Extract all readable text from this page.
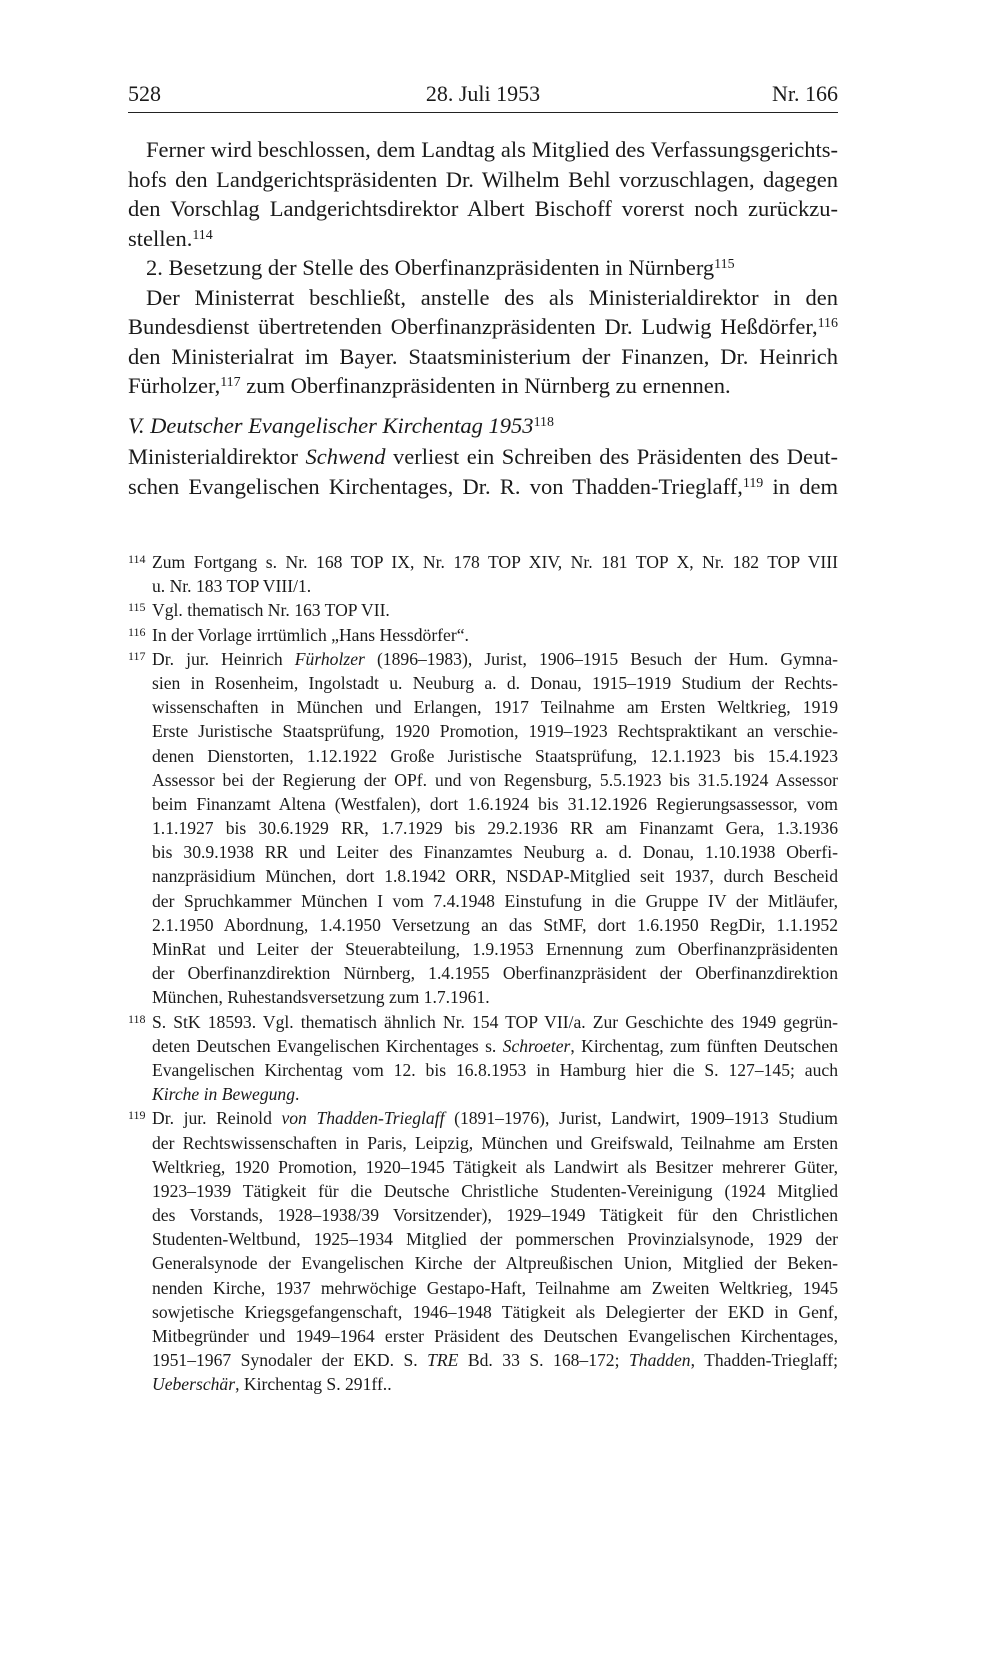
528	28. Juli 1953	Nr. 166
Ferner wird beschlossen, dem Landtag als Mitglied des Verfassungsgerichts-
hofs den Landgerichtspräsidenten Dr. Wilhelm Behl vorzuschlagen, dagegen
den Vorschlag Landgerichtsdirektor Albert Bischoff vorerst noch zurückzu-
stellen.$^{114}$
2. Besetzung der Stelle des Oberfinanzpräsidenten in Nürnberg$^{115}$
Der Ministerrat beschließt, anstelle des als Ministerialdirektor in den
Bundesdienst übertretenden Oberfinanzpräsidenten Dr. Ludwig Heßdörfer,$^{116}$
den Ministerialrat im Bayer. Staatsministerium der Finanzen, Dr. Heinrich
Fürholzer,$^{117}$ zum Oberfinanzpräsidenten in Nürnberg zu ernennen.
V. Deutscher Evangelischer Kirchentag 1953$^{118}$
Ministerialdirektor Schwend verliest ein Schreiben des Präsidenten des Deut-
schen Evangelischen Kirchentages, Dr. R. von Thadden-Trieglaff,$^{119}$ in dem
114 Zum Fortgang s. Nr. 168 TOP IX, Nr. 178 TOP XIV, Nr. 181 TOP X, Nr. 182 TOP VIII
u. Nr. 183 TOP VIII/1.
115 Vgl. thematisch Nr. 163 TOP VII.
116 In der Vorlage irrtümlich „Hans Hessdörfer“.
117 Dr. jur. Heinrich Fürholzer (1896–1983), Jurist, 1906–1915 Besuch der Hum. Gymna-
sien in Rosenheim, Ingolstadt u. Neuburg a. d. Donau, 1915–1919 Studium der Rechts-
wissenschaften in München und Erlangen, 1917 Teilnahme am Ersten Weltkrieg, 1919
Erste Juristische Staatsprüfung, 1920 Promotion, 1919–1923 Rechtspraktikant an verschie-
denen Dienstorten, 1.12.1922 Große Juristische Staatsprüfung, 12.1.1923 bis 15.4.1923
Assessor bei der Regierung der OPf. und von Regensburg, 5.5.1923 bis 31.5.1924 Assessor
beim Finanzamt Altena (Westfalen), dort 1.6.1924 bis 31.12.1926 Regierungsassessor, vom
1.1.1927 bis 30.6.1929 RR, 1.7.1929 bis 29.2.1936 RR am Finanzamt Gera, 1.3.1936
bis 30.9.1938 RR und Leiter des Finanzamtes Neuburg a. d. Donau, 1.10.1938 Oberfi-
nanzpräsidium München, dort 1.8.1942 ORR, NSDAP-Mitglied seit 1937, durch Bescheid
der Spruchkammer München I vom 7.4.1948 Einstufung in die Gruppe IV der Mitläufer,
2.1.1950 Abordnung, 1.4.1950 Versetzung an das StMF, dort 1.6.1950 RegDir, 1.1.1952
MinRat und Leiter der Steuerabteilung, 1.9.1953 Ernennung zum Oberfinanzpräsidenten
der Oberfinanzdirektion Nürnberg, 1.4.1955 Oberfinanzpräsident der Oberfinanzdirektion
München, Ruhestandsversetzung zum 1.7.1961.
118 S. StK 18593. Vgl. thematisch ähnlich Nr. 154 TOP VII/a. Zur Geschichte des 1949 gegrün-
deten Deutschen Evangelischen Kirchentages s. Schroeter, Kirchentag, zum fünften Deutschen
Evangelischen Kirchentag vom 12. bis 16.8.1953 in Hamburg hier die S. 127–145; auch
Kirche in Bewegung.
119 Dr. jur. Reinold von Thadden-Trieglaff (1891–1976), Jurist, Landwirt, 1909–1913 Studium
der Rechtswissenschaften in Paris, Leipzig, München und Greifswald, Teilnahme am Ersten
Weltkrieg, 1920 Promotion, 1920–1945 Tätigkeit als Landwirt als Besitzer mehrerer Güter,
1923–1939 Tätigkeit für die Deutsche Christliche Studenten-Vereinigung (1924 Mitglied
des Vorstands, 1928–1938/39 Vorsitzender), 1929–1949 Tätigkeit für den Christlichen
Studenten-Weltbund, 1925–1934 Mitglied der pommerschen Provinzialsynode, 1929 der
Generalsynode der Evangelischen Kirche der Altpreußischen Union, Mitglied der Beken-
nenden Kirche, 1937 mehrwöchige Gestapo-Haft, Teilnahme am Zweiten Weltkrieg, 1945
sowjetische Kriegsgefangenschaft, 1946–1948 Tätigkeit als Delegierter der EKD in Genf,
Mitbegründer und 1949–1964 erster Präsident des Deutschen Evangelischen Kirchentages,
1951–1967 Synodaler der EKD. S. TRE Bd. 33 S. 168–172; Thadden, Thadden-Trieglaff;
Ueberschär, Kirchentag S. 291ff..
